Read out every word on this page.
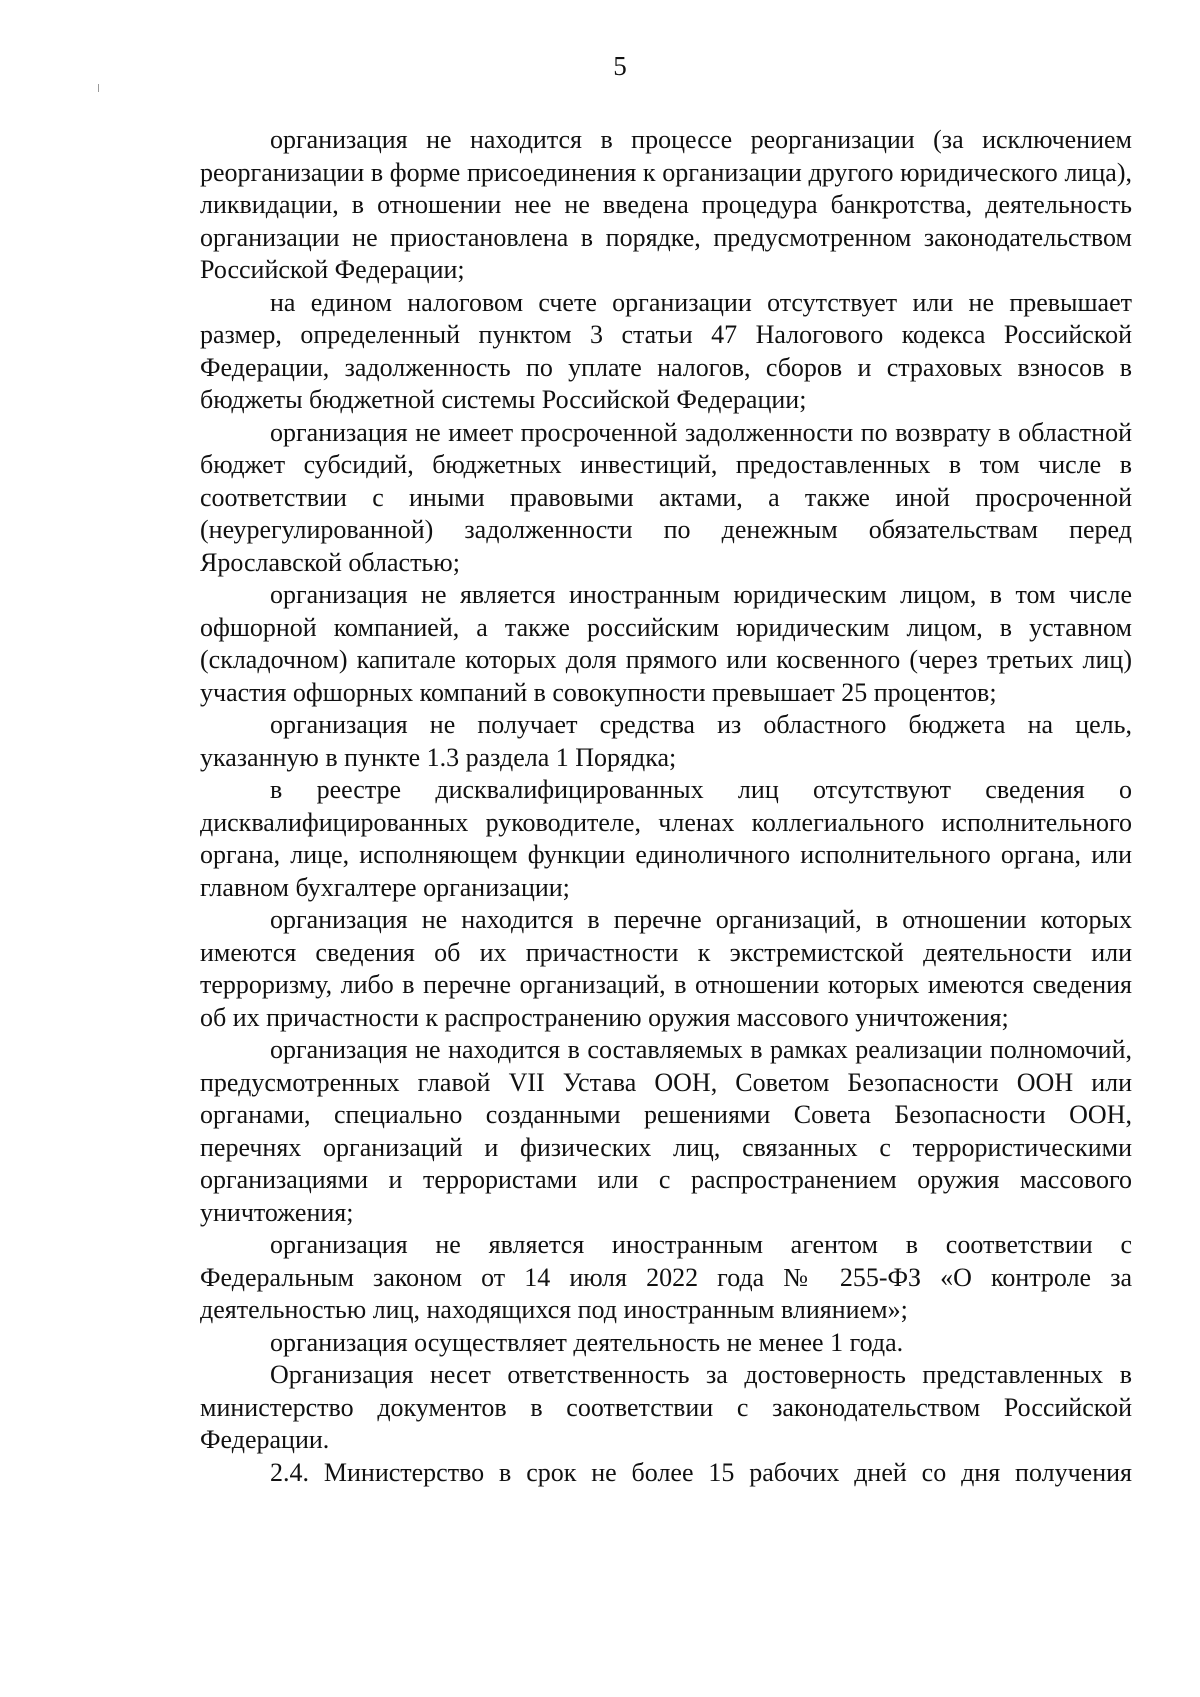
5

организация не находится в процессе реорганизации (за исключением реорганизации в форме присоединения к организации другого юридического лица), ликвидации, в отношении нее не введена процедура банкротства, деятельность организации не приостановлена в порядке, предусмотренном законодательством Российской Федерации;

на едином налоговом счете организации отсутствует или не превышает размер, определенный пунктом 3 статьи 47 Налогового кодекса Российской Федерации, задолженность по уплате налогов, сборов и страховых взносов в бюджеты бюджетной системы Российской Федерации;

организация не имеет просроченной задолженности по возврату в областной бюджет субсидий, бюджетных инвестиций, предоставленных в том числе в соответствии с иными правовыми актами, а также иной просроченной (неурегулированной) задолженности по денежным обязательствам перед Ярославской областью;

организация не является иностранным юридическим лицом, в том числе офшорной компанией, а также российским юридическим лицом, в уставном (складочном) капитале которых доля прямого или косвенного (через третьих лиц) участия офшорных компаний в совокупности превышает 25 процентов;

организация не получает средства из областного бюджета на цель, указанную в пункте 1.3 раздела 1 Порядка;

в реестре дисквалифицированных лиц отсутствуют сведения о дисквалифицированных руководителе, членах коллегиального исполнительного органа, лице, исполняющем функции единоличного исполнительного органа, или главном бухгалтере организации;

организация не находится в перечне организаций, в отношении которых имеются сведения об их причастности к экстремистской деятельности или терроризму, либо в перечне организаций, в отношении которых имеются сведения об их причастности к распространению оружия массового уничтожения;

организация не находится в составляемых в рамках реализации полномочий, предусмотренных главой VII Устава ООН, Советом Безопасности ООН или органами, специально созданными решениями Совета Безопасности ООН, перечнях организаций и физических лиц, связанных с террористическими организациями и террористами или с распространением оружия массового уничтожения;

организация не является иностранным агентом в соответствии с Федеральным законом от 14 июля 2022 года № 255-ФЗ «О контроле за деятельностью лиц, находящихся под иностранным влиянием»;

организация осуществляет деятельность не менее 1 года.

Организация несет ответственность за достоверность представленных в министерство документов в соответствии с законодательством Российской Федерации.

2.4. Министерство в срок не более 15 рабочих дней со дня получения
